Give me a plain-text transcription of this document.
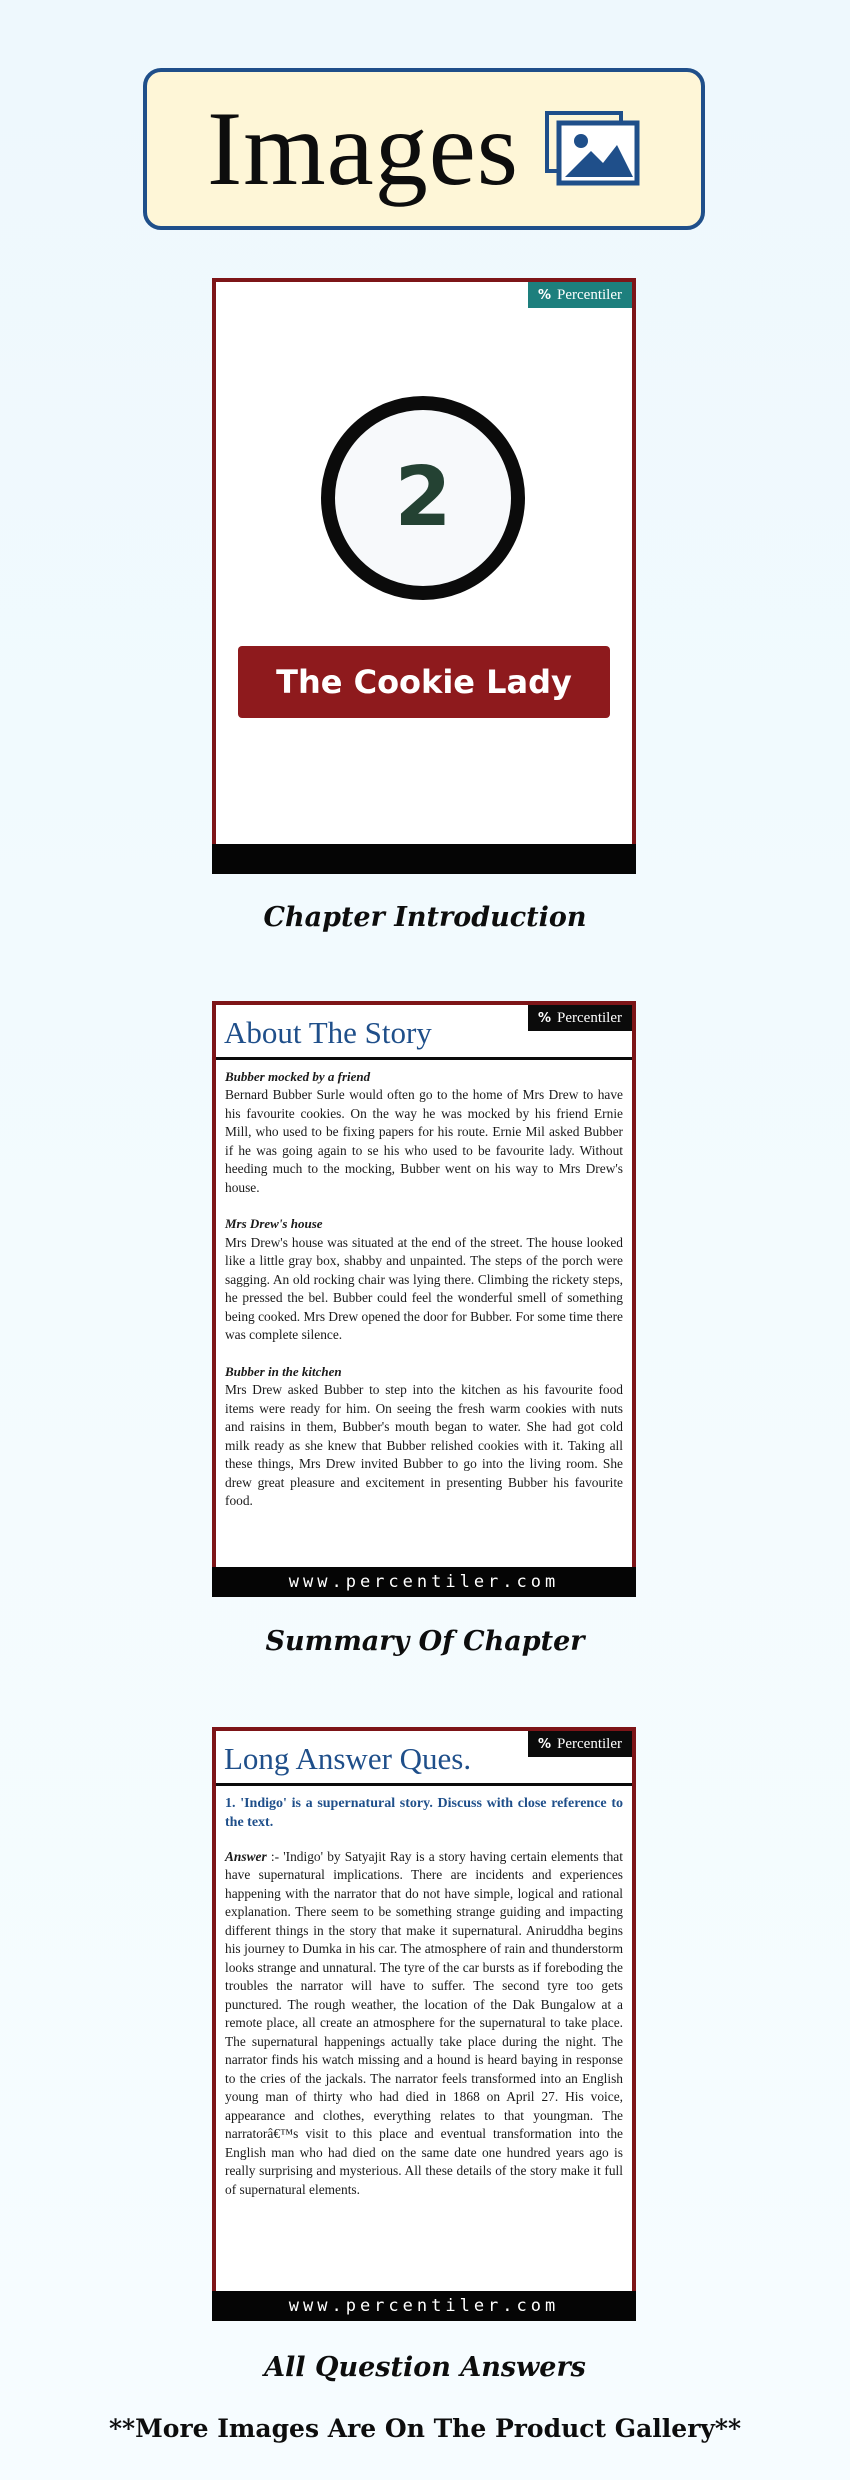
Images
% Percentiler
2
The Cookie Lady
Chapter Introduction
% Percentiler
About The Story
Bubber mocked by a friend
Bernard Bubber Surle would often go to the home of Mrs Drew to have his favourite cookies. On the way he was mocked by his friend Ernie Mill, who used to be fixing papers for his route. Ernie Mil asked Bubber if he was going again to se his who used to be favourite lady. Without heeding much to the mocking, Bubber went on his way to Mrs Drew's house.
Mrs Drew's house
Mrs Drew's house was situated at the end of the street. The house looked like a little gray box, shabby and unpainted. The steps of the porch were sagging. An old rocking chair was lying there. Climbing the rickety steps, he pressed the bel. Bubber could feel the wonderful smell of something being cooked. Mrs Drew opened the door for Bubber. For some time there was complete silence.
Bubber in the kitchen
Mrs Drew asked Bubber to step into the kitchen as his favourite food items were ready for him. On seeing the fresh warm cookies with nuts and raisins in them, Bubber's mouth began to water. She had got cold milk ready as she knew that Bubber relished cookies with it. Taking all these things, Mrs Drew invited Bubber to go into the living room. She drew great pleasure and excitement in presenting Bubber his favourite food.
www.percentiler.com
Summary Of Chapter
% Percentiler
Long Answer Ques.
1. 'Indigo' is a supernatural story. Discuss with close reference to the text.
Answer :- 'Indigo' by Satyajit Ray is a story having certain elements that have supernatural implications. There are incidents and experiences happening with the narrator that do not have simple, logical and rational explanation. There seem to be something strange guiding and impacting different things in the story that make it supernatural. Aniruddha begins his journey to Dumka in his car. The atmosphere of rain and thunderstorm looks strange and unnatural. The tyre of the car bursts as if foreboding the troubles the narrator will have to suffer. The second tyre too gets punctured. The rough weather, the location of the Dak Bungalow at a remote place, all create an atmosphere for the supernatural to take place. The supernatural happenings actually take place during the night. The narrator finds his watch missing and a hound is heard baying in response to the cries of the jackals. The narrator feels transformed into an English young man of thirty who had died in 1868 on April 27. His voice, appearance and clothes, everything relates to that youngman. The narratorâ€™s visit to this place and eventual transformation into the English man who had died on the same date one hundred years ago is really surprising and mysterious. All these details of the story make it full of supernatural elements.
www.percentiler.com
All Question Answers
**More Images Are On The Product Gallery**
